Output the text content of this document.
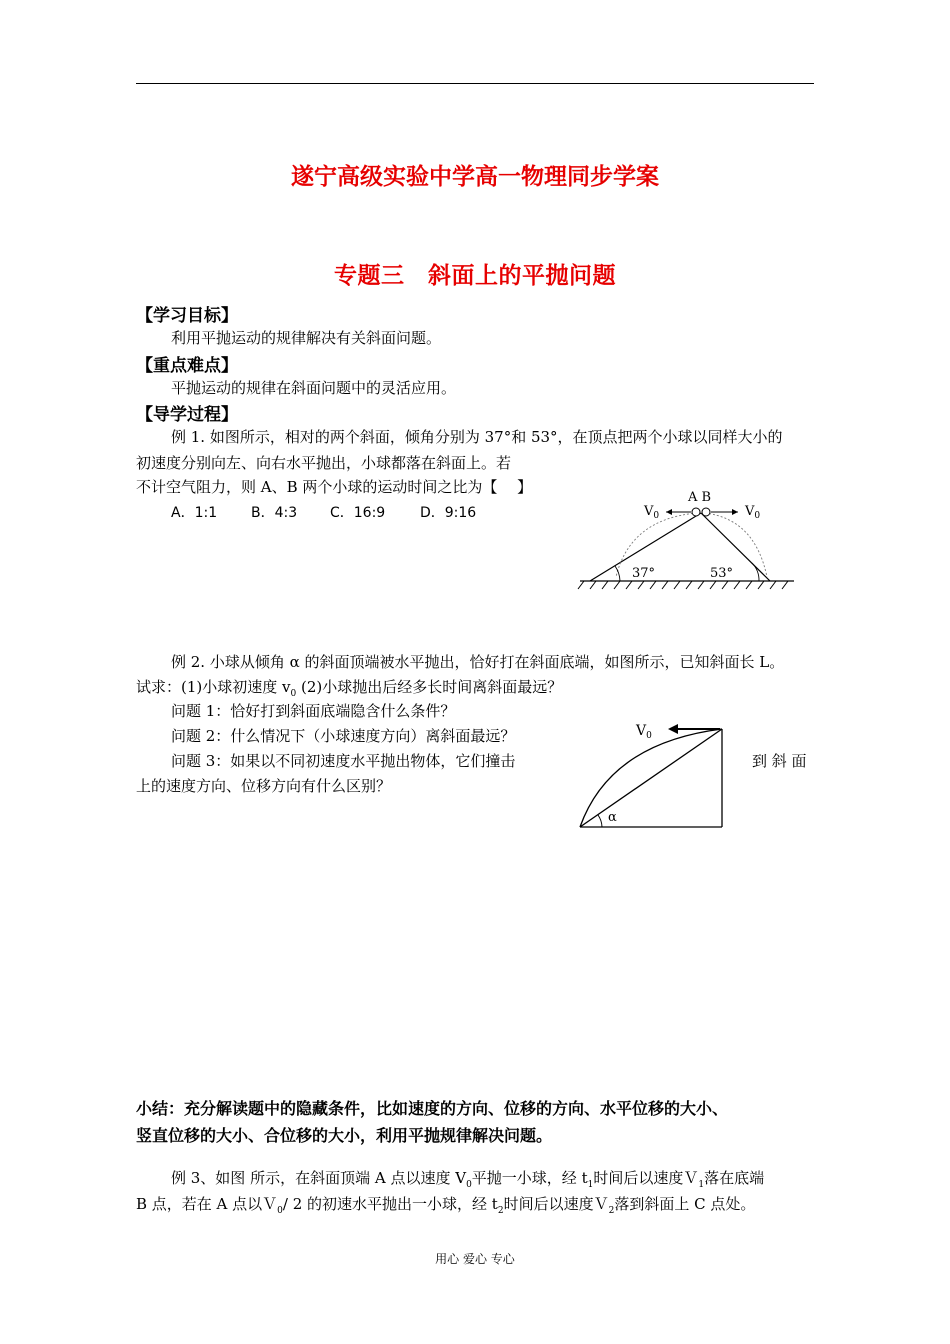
遂宁高级实验中学高一物理同步学案
专题三　斜面上的平抛问题
【学习目标】
利用平抛运动的规律解决有关斜面问题。
【重点难点】
平抛运动的规律在斜面问题中的灵活应用。
【导学过程】
例 1. 如图所示，相对的两个斜面，倾角分别为 37°和 53°，在顶点把两个小球以同样大小的
初速度分别向左、向右水平抛出，小球都落在斜面上。若
不计空气阻力，则 A、B 两个小球的运动时间之比为【　 】
A．1:1 B．4:3 C．16:9 D．9:16	$V_0$	$V_0$
A B
37°	53°
例 2. 小球从倾角 α 的斜面顶端被水平抛出，恰好打在斜面底端，如图所示，已知斜面长 L。
试求：(1)小球初速度 $v_0$ (2)小球抛出后经多长时间离斜面最远？
问题 1：恰好打到斜面底端隐含什么条件？
问题 2：什么情况下（小球速度方向）离斜面最远？
问题 3：如果以不同初速度水平抛出物体，它们撞击	到 斜 面
上的速度方向、位移方向有什么区别？
$V_0$
α
小结：充分解读题中的隐藏条件，比如速度的方向、位移的方向、水平位移的大小、
竖直位移的大小、合位移的大小，利用平抛规律解决问题。
例 3、如图 所示，在斜面顶端 A 点以速度 $V_0$平抛一小球，经 $t_1$时间后以速度Ｖ$_1$落在底端
B 点，若在 A 点以Ｖ$_0$/ 2 的初速水平抛出一小球，经 $t_2$时间后以速度Ｖ$_2$落到斜面上 C 点处。
用心 爱心 专心
